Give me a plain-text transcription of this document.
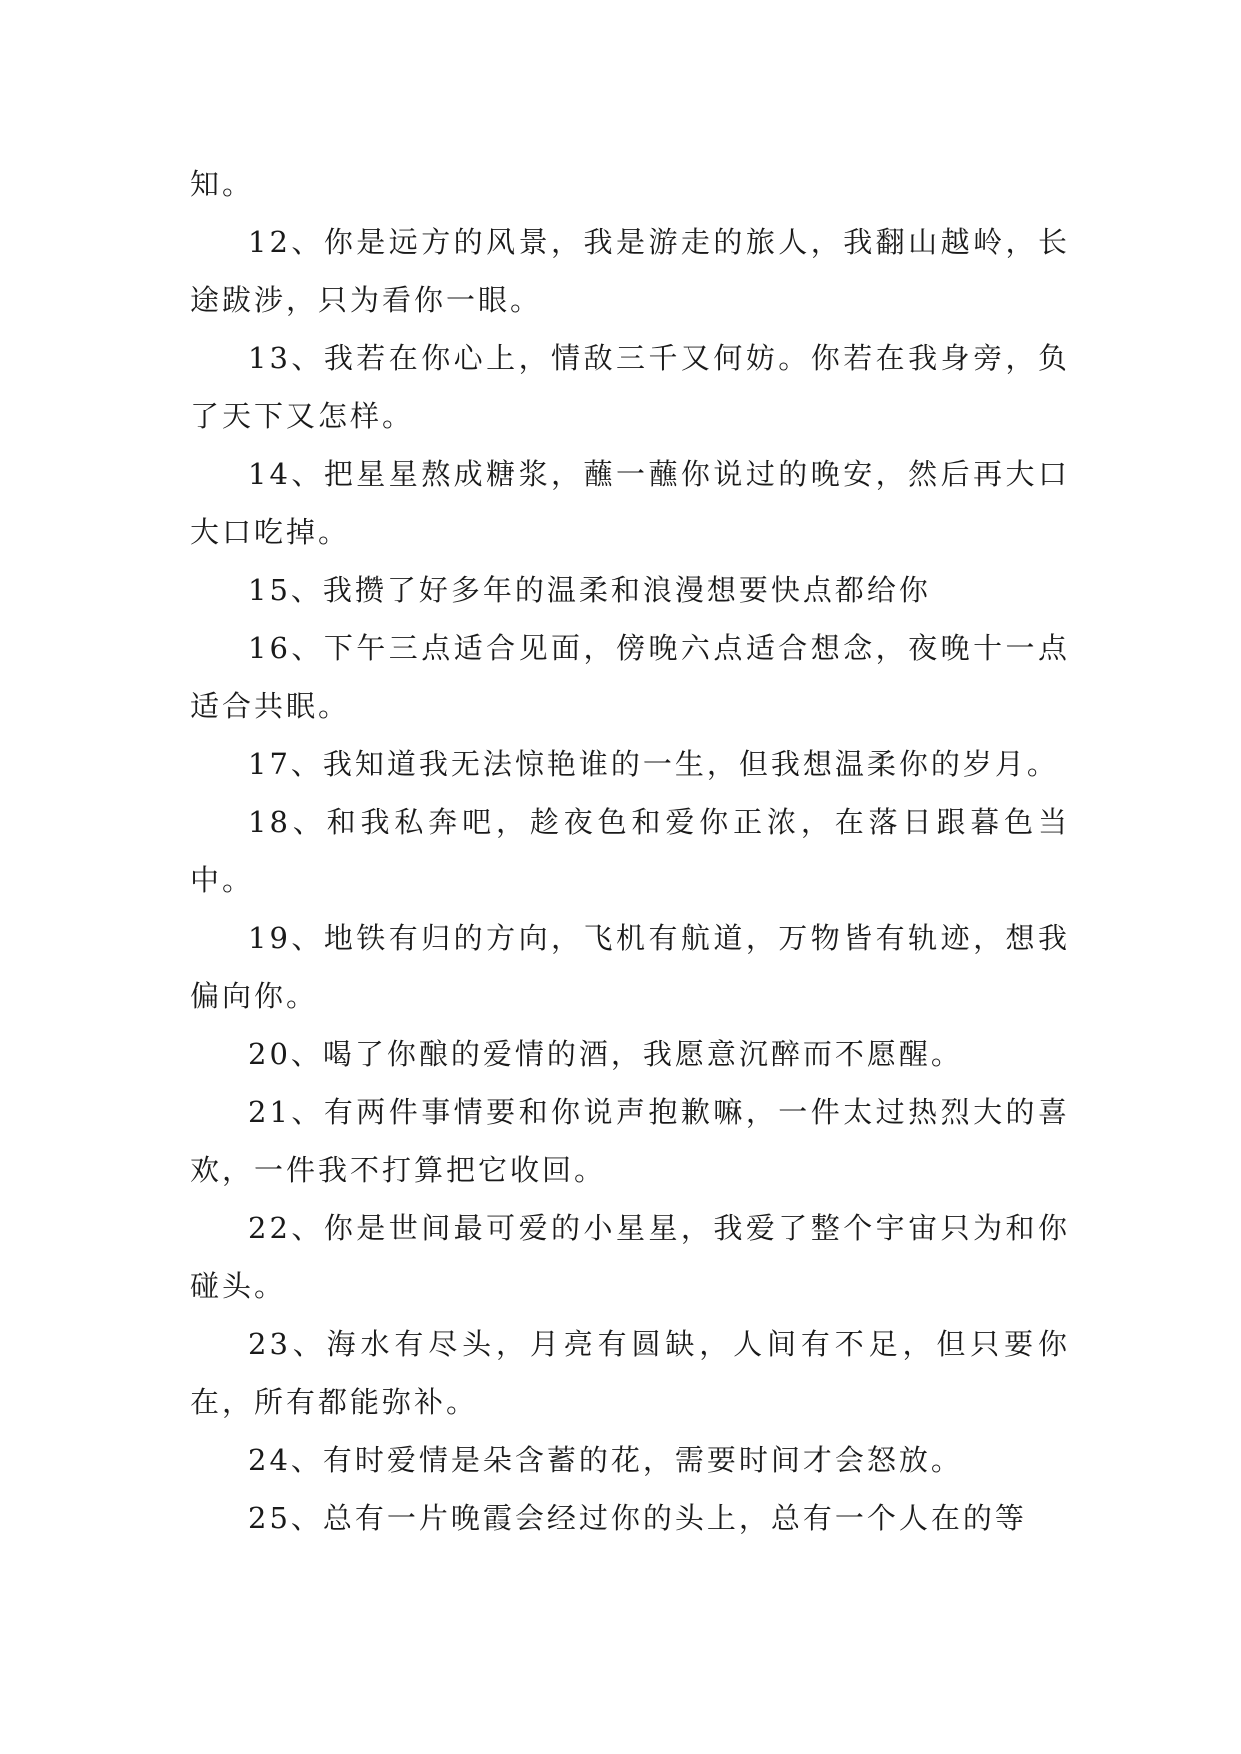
知。

12、你是远方的风景，我是游走的旅人，我翻山越岭，长途跋涉，只为看你一眼。

13、我若在你心上，情敌三千又何妨。你若在我身旁，负了天下又怎样。

14、把星星熬成糖浆，蘸一蘸你说过的晚安，然后再大口大口吃掉。

15、我攒了好多年的温柔和浪漫想要快点都给你

16、下午三点适合见面，傍晚六点适合想念，夜晚十一点适合共眠。

17、我知道我无法惊艳谁的一生，但我想温柔你的岁月。

18、和我私奔吧，趁夜色和爱你正浓，在落日跟暮色当中。

19、地铁有归的方向，飞机有航道，万物皆有轨迹，想我偏向你。

20、喝了你酿的爱情的酒，我愿意沉醉而不愿醒。

21、有两件事情要和你说声抱歉嘛，一件太过热烈大的喜欢，一件我不打算把它收回。

22、你是世间最可爱的小星星，我爱了整个宇宙只为和你碰头。

23、海水有尽头，月亮有圆缺，人间有不足，但只要你在，所有都能弥补。

24、有时爱情是朵含蓄的花，需要时间才会怒放。

25、总有一片晚霞会经过你的头上，总有一个人在的等
